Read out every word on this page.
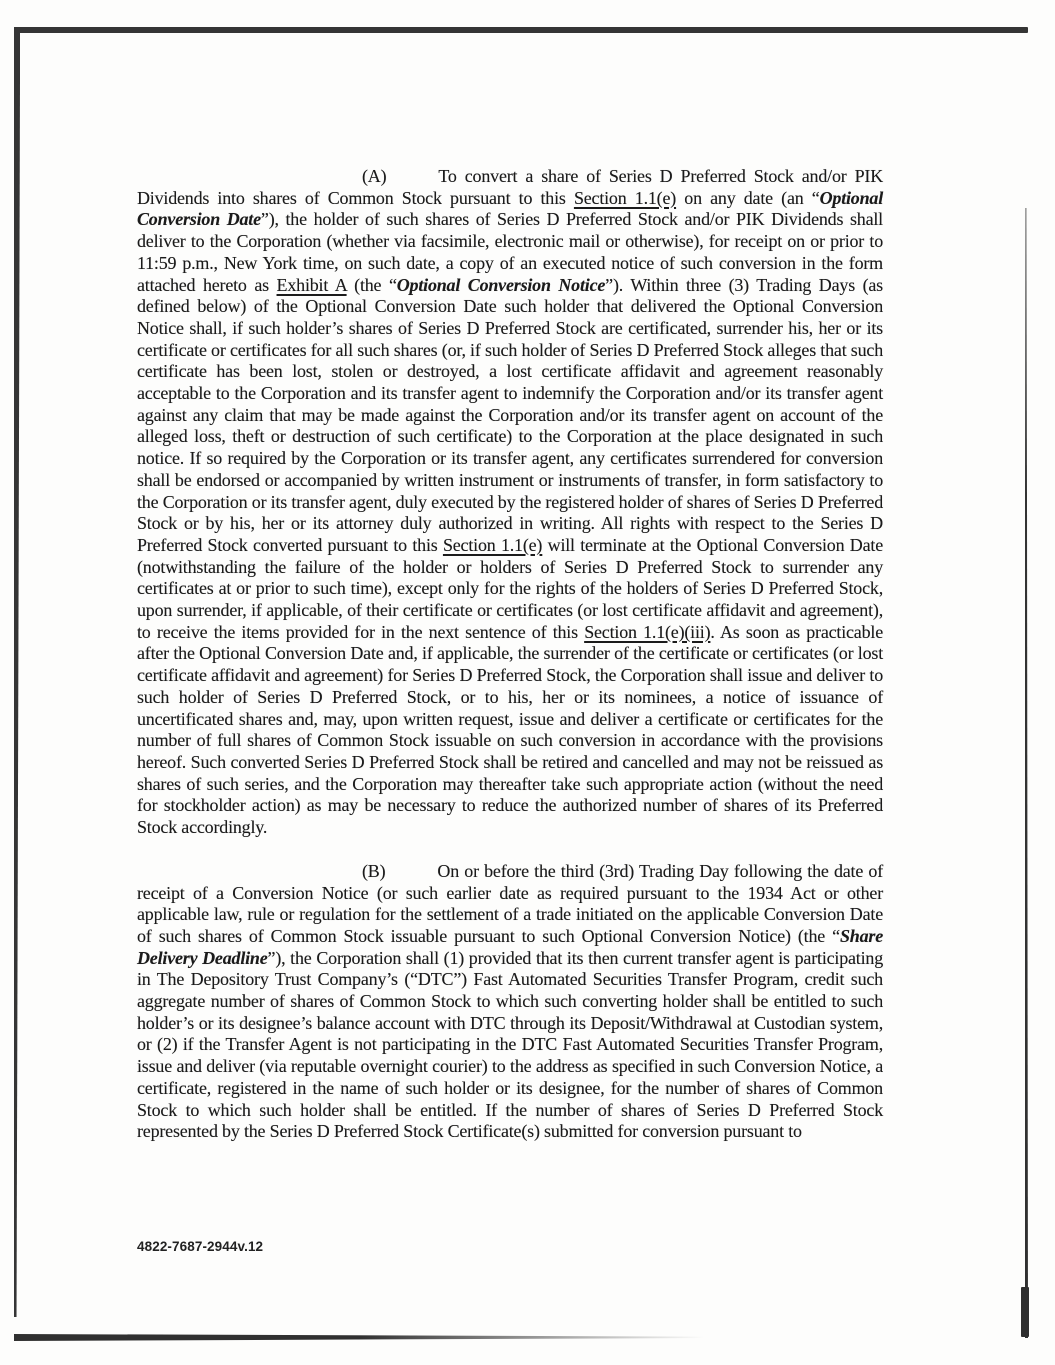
(A)	To convert a share of Series D Preferred Stock and/or PIK Dividends into shares of Common Stock pursuant to this Section 1.1(e) on any date (an “Optional Conversion Date”), the holder of such shares of Series D Preferred Stock and/or PIK Dividends shall deliver to the Corporation (whether via facsimile, electronic mail or otherwise), for receipt on or prior to 11:59 p.m., New York time, on such date, a copy of an executed notice of such conversion in the form attached hereto as Exhibit A (the “Optional Conversion Notice”). Within three (3) Trading Days (as defined below) of the Optional Conversion Date such holder that delivered the Optional Conversion Notice shall, if such holder’s shares of Series D Preferred Stock are certificated, surrender his, her or its certificate or certificates for all such shares (or, if such holder of Series D Preferred Stock alleges that such certificate has been lost, stolen or destroyed, a lost certificate affidavit and agreement reasonably acceptable to the Corporation and its transfer agent to indemnify the Corporation and/or its transfer agent against any claim that may be made against the Corporation and/or its transfer agent on account of the alleged loss, theft or destruction of such certificate) to the Corporation at the place designated in such notice. If so required by the Corporation or its transfer agent, any certificates surrendered for conversion shall be endorsed or accompanied by written instrument or instruments of transfer, in form satisfactory to the Corporation or its transfer agent, duly executed by the registered holder of shares of Series D Preferred Stock or by his, her or its attorney duly authorized in writing. All rights with respect to the Series D Preferred Stock converted pursuant to this Section 1.1(e) will terminate at the Optional Conversion Date (notwithstanding the failure of the holder or holders of Series D Preferred Stock to surrender any certificates at or prior to such time), except only for the rights of the holders of Series D Preferred Stock, upon surrender, if applicable, of their certificate or certificates (or lost certificate affidavit and agreement), to receive the items provided for in the next sentence of this Section 1.1(e)(iii). As soon as practicable after the Optional Conversion Date and, if applicable, the surrender of the certificate or certificates (or lost certificate affidavit and agreement) for Series D Preferred Stock, the Corporation shall issue and deliver to such holder of Series D Preferred Stock, or to his, her or its nominees, a notice of issuance of uncertificated shares and, may, upon written request, issue and deliver a certificate or certificates for the number of full shares of Common Stock issuable on such conversion in accordance with the provisions hereof. Such converted Series D Preferred Stock shall be retired and cancelled and may not be reissued as shares of such series, and the Corporation may thereafter take such appropriate action (without the need for stockholder action) as may be necessary to reduce the authorized number of shares of its Preferred Stock accordingly.

(B)	On or before the third (3rd) Trading Day following the date of receipt of a Conversion Notice (or such earlier date as required pursuant to the 1934 Act or other applicable law, rule or regulation for the settlement of a trade initiated on the applicable Conversion Date of such shares of Common Stock issuable pursuant to such Optional Conversion Notice) (the “Share Delivery Deadline”), the Corporation shall (1) provided that its then current transfer agent is participating in The Depository Trust Company’s (“DTC”) Fast Automated Securities Transfer Program, credit such aggregate number of shares of Common Stock to which such converting holder shall be entitled to such holder’s or its designee’s balance account with DTC through its Deposit/Withdrawal at Custodian system, or (2) if the Transfer Agent is not participating in the DTC Fast Automated Securities Transfer Program, issue and deliver (via reputable overnight courier) to the address as specified in such Conversion Notice, a certificate, registered in the name of such holder or its designee, for the number of shares of Common Stock to which such holder shall be entitled. If the number of shares of Series D Preferred Stock represented by the Series D Preferred Stock Certificate(s) submitted for conversion pursuant to

4822-7687-2944v.12
